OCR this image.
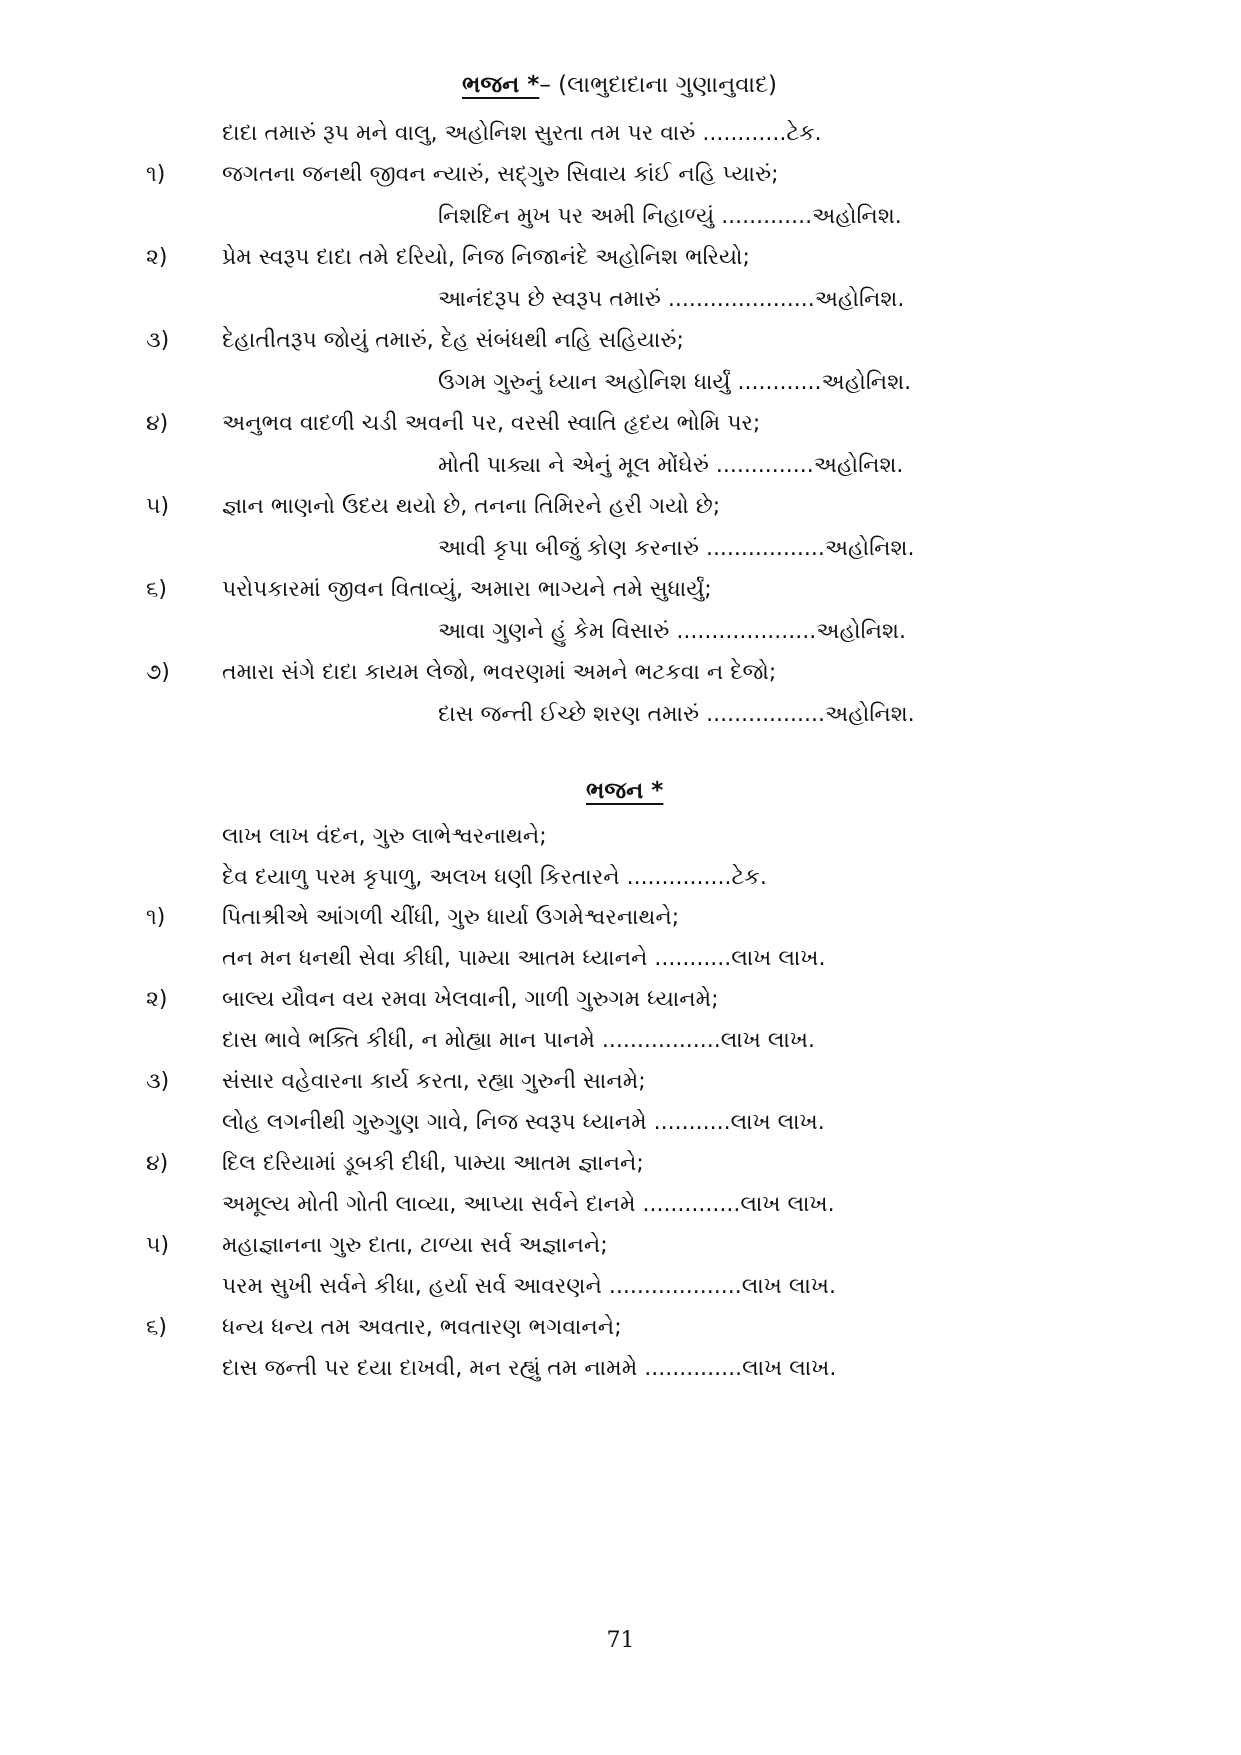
ભજન *– (લાભુદાદાના ગુણાનુવાદ)
દાદા તમારું રૂપ મને વાલુ, અહોનિશ સુરતા તમ પર વારું ............ટેક.
૧)	જગતના જનથી જીવન ન્યારું, સદ્‌ગુરુ સિવાય કાંઈ નહિ પ્યારું;
નિશદિન મુખ પર અમી નિહાળ્યું .............અહોનિશ.
૨) પ્રેમ સ્વરૂપ દાદા તમે દરિયો, નિજ નિજાનંદે અહોનિશ ભરિયો;
આનંદરૂપ છે સ્વરૂપ તમારું .....................અહોનિશ.
૩) દેહાતીતરૂપ જોયું તમારું, દેહ સંબંધથી નહિ સહિયારું;
ઉગમ ગુરુનું ધ્યાન અહોનિશ ધાર્યું ............અહોનિશ.
૪) અનુભવ વાદળી ચડી અવની પર, વરસી સ્વાતિ હૃદય ભોમિ પર;
મોતી પાક્યા ને એનું મૂલ મોંઘેરું ..............અહોનિશ.
૫) જ્ઞાન ભાણનો ઉદય થયો છે, તનના તિમિરને હરી ગયો છે;
આવી કૃપા બીજું કોણ કરનારું .................અહોનિશ.
૬)	પરોપકારમાં જીવન વિતાવ્યું, અમારા ભાગ્યને તમે સુધાર્યું;
આવા ગુણને હું કેમ વિસારું ....................અહોનિશ.
૭) તમારા સંગે દાદા કાયમ લેજો, ભવરણમાં અમને ભટકવા ન દેજો;
દાસ જન્તી ઈચ્છે શરણ તમારું .................અહોનિશ.
ભજન *
લાખ લાખ વંદન, ગુરુ લાભેશ્વરનાથને;
દેવ દયાળુ પરમ કૃપાળુ, અલખ ધણી કિરતારને ...............ટેક.
૧)	પિતાશ્રીએ આંગળી ચીંધી, ગુરુ ધાર્યા ઉગમેશ્વરનાથને;
તન મન ધનથી સેવા કીધી, પામ્યા આતમ ધ્યાનને ...........લાખ લાખ.
૨) બાલ્ય યૌવન વય રમવા ખેલવાની, ગાળી ગુરુગમ ધ્યાનમે;
દાસ ભાવે ભક્તિ કીધી, ન મોહ્યા માન પાનમે .................લાખ લાખ.
૩) સંસાર વહેવારના કાર્ય કરતા, રહ્યા ગુરુની સાનમે;
લોહ લગનીથી ગુરુગુણ ગાવે, નિજ સ્વરૂપ ધ્યાનમે ...........લાખ લાખ.
૪) દિલ દરિયામાં ડૂબકી દીધી, પામ્યા આતમ જ્ઞાનને;
અમૂલ્ય મોતી ગોતી લાવ્યા, આપ્યા સર્વને દાનમે ..............લાખ લાખ.
૫) મહાજ્ઞાનના ગુરુ દાતા, ટાળ્યા સર્વ અજ્ઞાનને;
પરમ સુખી સર્વને કીધા, હર્યા સર્વ આવરણને ...................લાખ લાખ.
૬)	ધન્ય ધન્ય તમ અવતાર, ભવતારણ ભગવાનને;
દાસ જન્તી પર દયા દાખવી, મન રહ્યું તમ નામમે ..............લાખ લાખ.
71
